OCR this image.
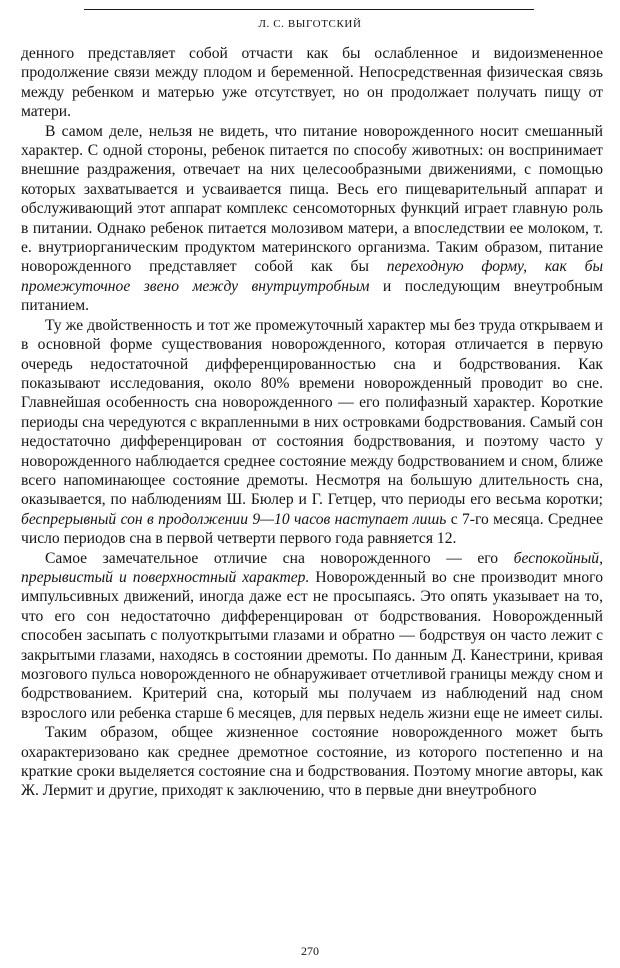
Л. С. ВЫГОТСКИЙ

денного представляет собой отчасти как бы ослабленное и видоизмененное продолжение связи между плодом и беременной. Непосредственная физическая связь между ребенком и матерью уже отсутствует, но он продолжает получать пищу от матери.

В самом деле, нельзя не видеть, что питание новорожденного носит смешанный характер. С одной стороны, ребенок питается по способу животных: он воспринимает внешние раздражения, отвечает на них целесообразными движениями, с помощью которых захватывается и усваивается пища. Весь его пищеварительный аппарат и обслуживающий этот аппарат комплекс сенсомоторных функций играет главную роль в питании. Однако ребенок питается молозивом матери, а впоследствии ее молоком, т. е. внутриорганическим продуктом материнского организма. Таким образом, питание новорожденного представляет собой как бы переходную форму, как бы промежуточное звено между внутриутробным и последующим внеутробным питанием.

Ту же двойственность и тот же промежуточный характер мы без труда открываем и в основной форме существования новорожденного, которая отличается в первую очередь недостаточной дифференцированностью сна и бодрствования. Как показывают исследования, около 80% времени новорожденный проводит во сне. Главнейшая особенность сна новорожденного — его полифазный характер. Короткие периоды сна чередуются с вкрапленными в них островками бодрствования. Самый сон недостаточно дифференцирован от состояния бодрствования, и поэтому часто у новорожденного наблюдается среднее состояние между бодрствованием и сном, ближе всего напоминающее состояние дремоты. Несмотря на большую длительность сна, оказывается, по наблюдениям Ш. Бюлер и Г. Гетцер, что периоды его весьма коротки; беспрерывный сон в продолжении 9—10 часов наступает лишь с 7-го месяца. Среднее число периодов сна в первой четверти первого года равняется 12.

Самое замечательное отличие сна новорожденного — его беспокойный, прерывистый и поверхностный характер. Новорожденный во сне производит много импульсивных движений, иногда даже ест не просыпаясь. Это опять указывает на то, что его сон недостаточно дифференцирован от бодрствования. Новорожденный способен засыпать с полуоткрытыми глазами и обратно — бодрствуя он часто лежит с закрытыми глазами, находясь в состоянии дремоты. По данным Д. Канестрини, кривая мозгового пульса новорожденного не обнаруживает отчетливой границы между сном и бодрствованием. Критерий сна, который мы получаем из наблюдений над сном взрослого или ребенка старше 6 месяцев, для первых недель жизни еще не имеет силы.

Таким образом, общее жизненное состояние новорожденного может быть охарактеризовано как среднее дремотное состояние, из которого постепенно и на краткие сроки выделяется состояние сна и бодрствования. Поэтому многие авторы, как Ж. Лермит и другие, приходят к заключению, что в первые дни внеутробного

270
